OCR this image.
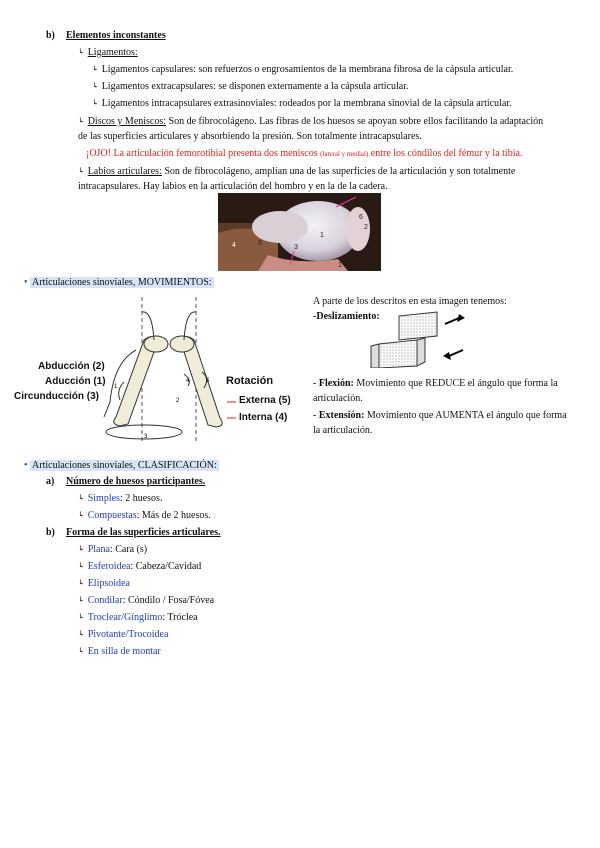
b) Elementos inconstantes
↳ Ligamentos:
↳ Ligamentos capsulares: son refuerzos o engrosamientos de la membrana fibrosa de la cápsula articular.
↳ Ligamentos extracapsulares: se disponen externamente a la cápsula articular.
↳ Ligamentos intracapsulares extrasinoviales: rodeados por la membrana sinovial de la cápsula articular.
↳ Discos y Meniscos: Son de fibrocolágeno. Las fibras de los huesos se apoyan sobre ellos facilitando la adaptación de las superficies articulares y absorbiendo la presión. Son totalmente intracapsulares.
¡OJO! La articulación femorotibial presenta dos meniscos (lateral y medial) entre los cóndilos del fémur y la tibia.
↳ Labios articulares: Son de fibrocolágeno, amplían una de las superficies de la articulación y son totalmente intracapsulares. Hay labios en la articulación del hombro y en la de la cadera.
1
2
3
4	5
6
1
• Articulaciones sinoviales, MOVIMIENTOS:
1
3
2
4	5
Abducción (2)
Aducción (1)
Circunducción (3)
Rotación
Externa (5)
Interna (4)
A parte de los descritos en esta imagen tenemos:
-Deslizamiento:
- Flexión: Movimiento que REDUCE el ángulo que forma la articulación.
- Extensión: Movimiento que AUMENTA el ángulo que forma la articulación.
• Articulaciones sinoviales, CLASIFICACIÓN:
a) Número de huesos participantes.
↳ Simples: 2 huesos.
↳ Compuestas: Más de 2 huesos.
b) Forma de las superficies articulares.
↳ Plana: Cara (s)
↳ Esferoidea: Cabeza/Cavidad
↳ Elipsoidea
↳ Condilar: Cóndilo / Fosa/Fóvea
↳ Troclear/Gínglimo: Tróclea
↳ Pivotante/Trocoidea
↳ En silla de montar
